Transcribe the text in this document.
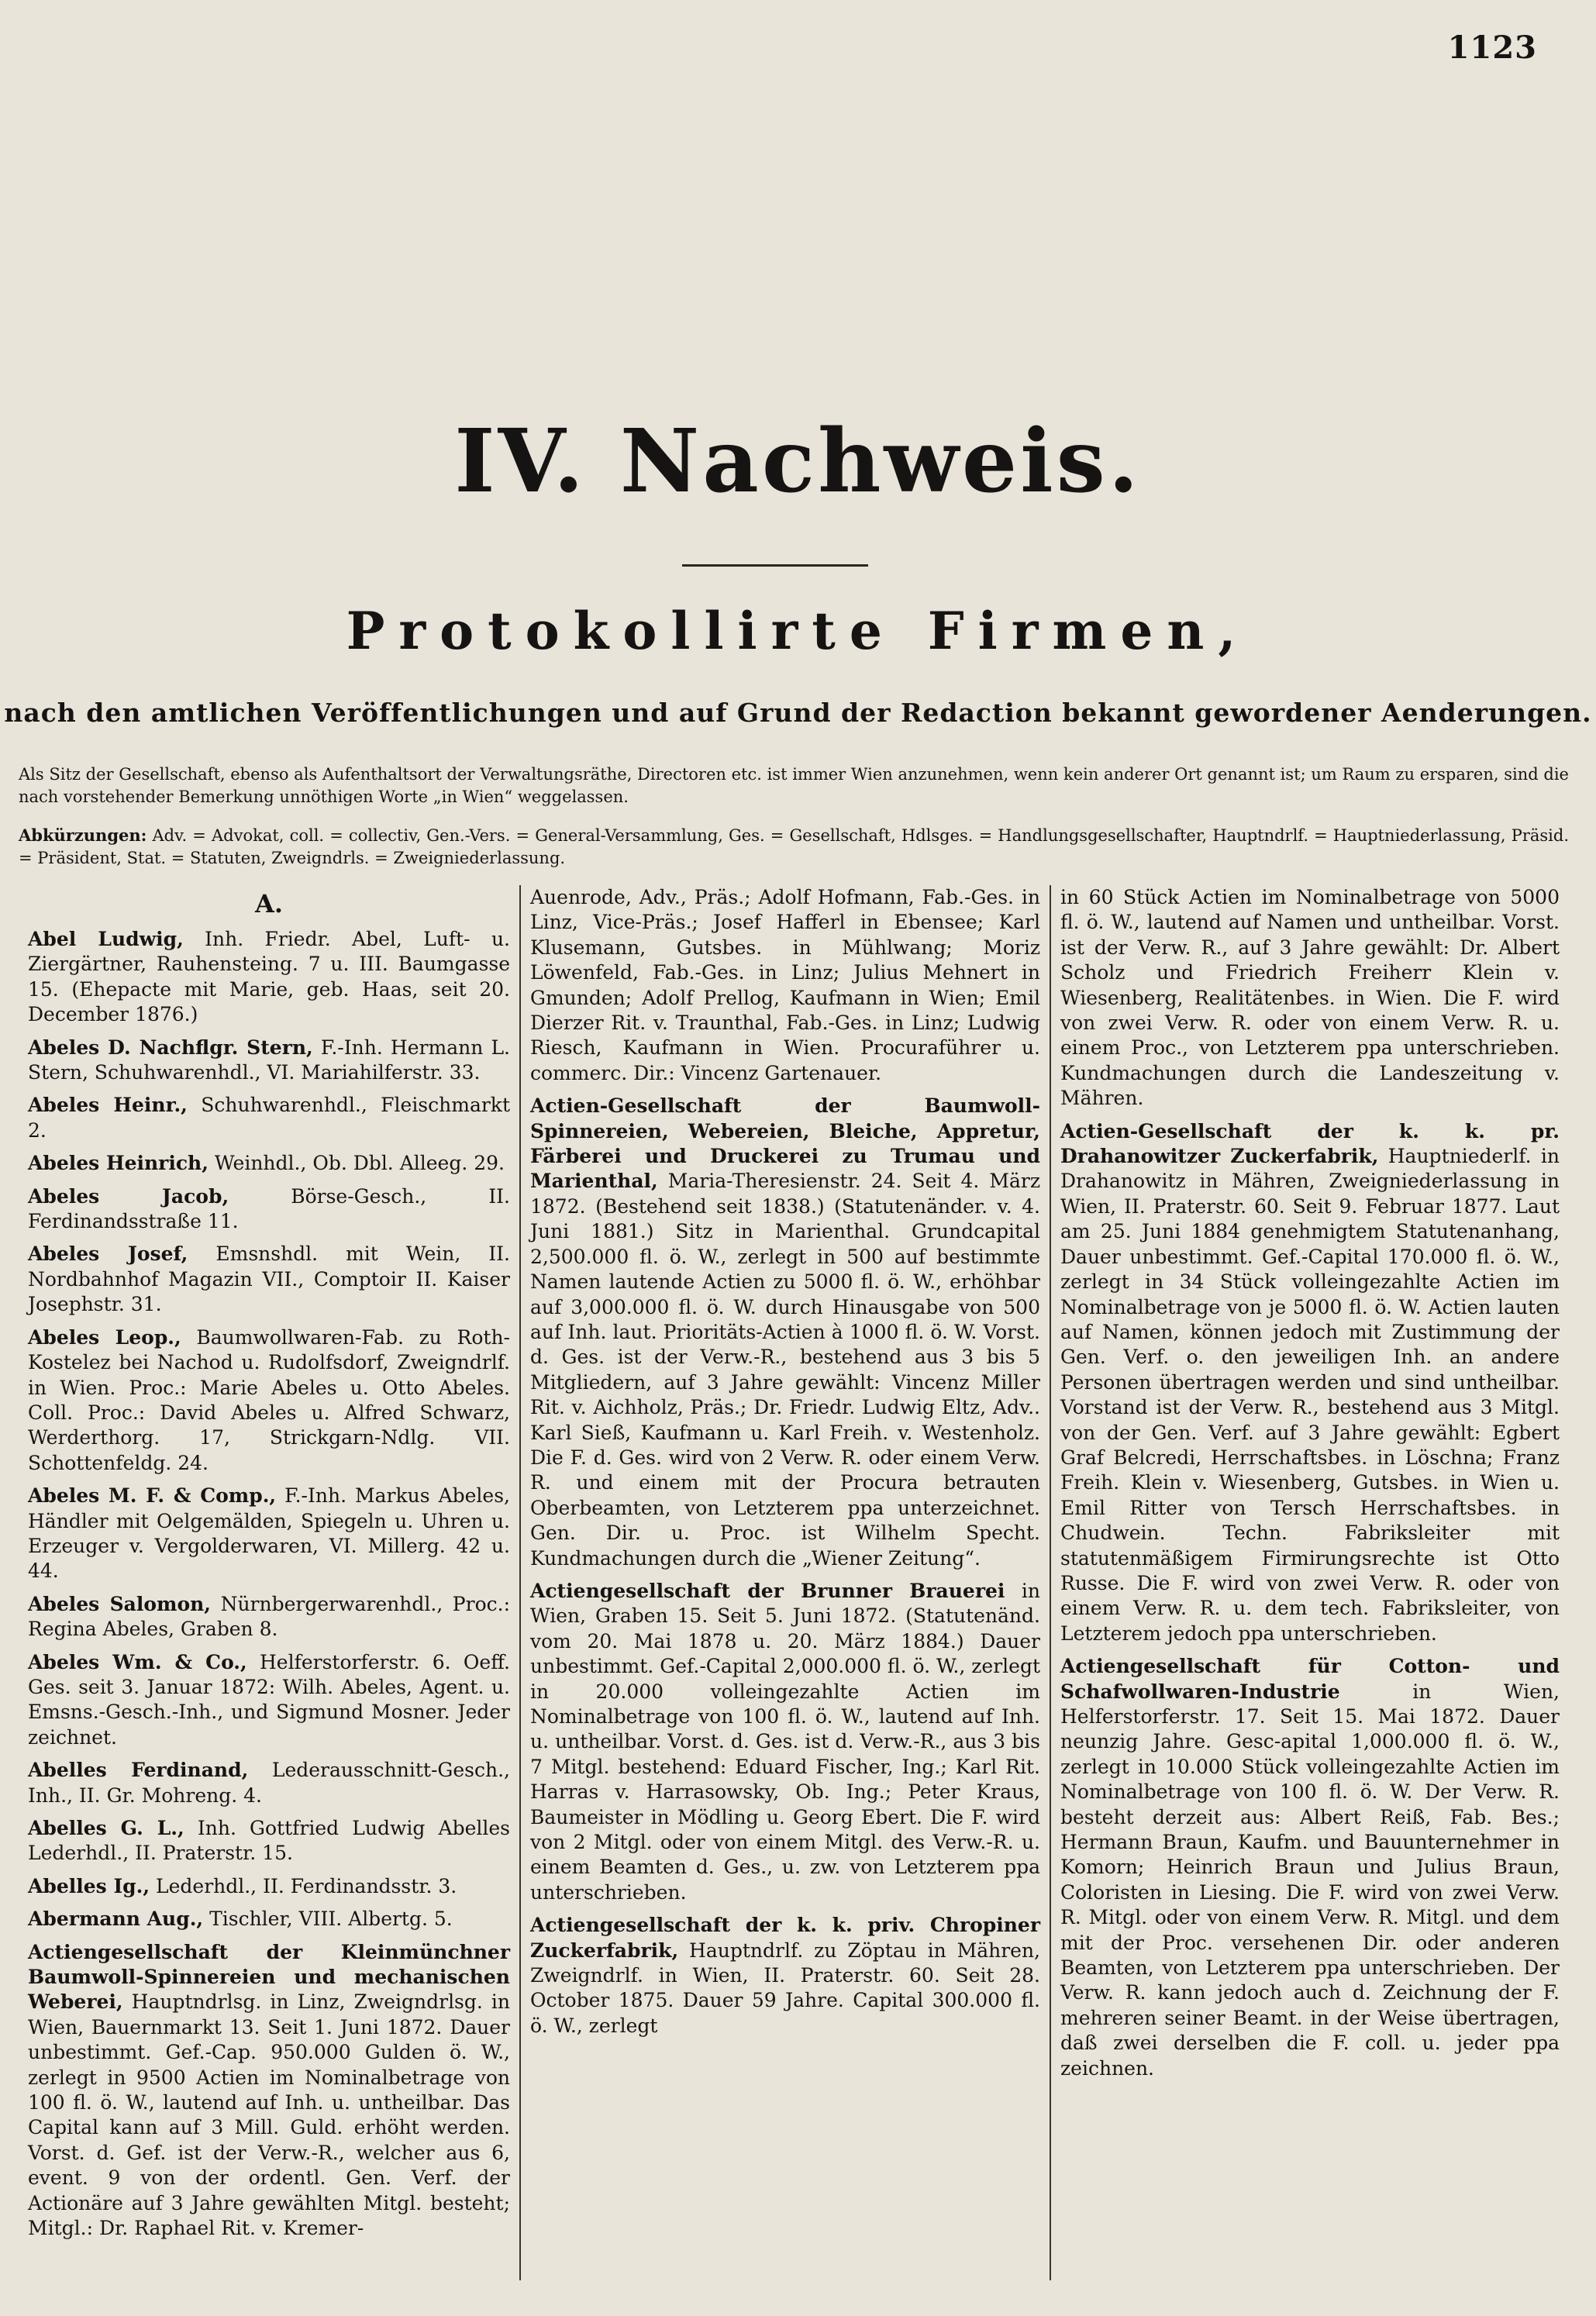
1123
IV. Nachweis.
Protokollirte Firmen,
nach den amtlichen Veröffentlichungen und auf Grund der Redaction bekannt gewordener Aenderungen.
Als Sitz der Gesellschaft, ebenso als Aufenthaltsort der Verwaltungsräthe, Directoren etc. ist immer Wien anzunehmen, wenn kein anderer Ort genannt ist; um Raum zu ersparen, sind die nach vorstehender Bemerkung unnöthigen Worte „in Wien“ weggelassen.
Abkürzungen: Adv. = Advokat, coll. = collectiv, Gen.-Vers. = General-Versammlung, Ges. = Gesellschaft, Hdlsges. = Handlungsgesellschafter, Hauptndrlf. = Hauptniederlassung, Präsid. = Präsident, Stat. = Statuten, Zweigndrls. = Zweigniederlassung.
A.

Abel Ludwig, Inh. Friedr. Abel, Luft- u. Ziergärtner, Rauhensteing. 7 u. III. Baumgasse 15. (Ehepacte mit Marie, geb. Haas, seit 20. December 1876.)

Abeles D. Nachflgr. Stern, F.-Inh. Hermann L. Stern, Schuhwarenhdl., VI. Mariahilferstr. 33.

Abeles Heinr., Schuhwarenhdl., Fleischmarkt 2.

Abeles Heinrich, Weinhdl., Ob. Dbl. Alleeg. 29.

Abeles Jacob, Börse-Gesch., II. Ferdinandsstraße 11.

Abeles Josef, Emsnshdl. mit Wein, II. Nordbahnhof Magazin VII., Comptoir II. Kaiser Josephstr. 31.

Abeles Leop., Baumwollwaren-Fab. zu Roth-Kostelez bei Nachod u. Rudolfsdorf, Zweigndrlf. in Wien. Proc.: Marie Abeles u. Otto Abeles. Coll. Proc.: David Abeles u. Alfred Schwarz, Werderthorg. 17, Strickgarn-Ndlg. VII. Schottenfeldg. 24.

Abeles M. F. & Comp., F.-Inh. Markus Abeles, Händler mit Oelgemälden, Spiegeln u. Uhren u. Erzeuger v. Vergolderwaren, VI. Millerg. 42 u. 44.

Abeles Salomon, Nürnbergerwarenhdl., Proc.: Regina Abeles, Graben 8.

Abeles Wm. & Co., Helferstorferstr. 6. Oeff. Ges. seit 3. Januar 1872: Wilh. Abeles, Agent. u. Emsns.-Gesch.-Inh., und Sigmund Mosner. Jeder zeichnet.

Abelles Ferdinand, Lederausschnitt-Gesch., Inh., II. Gr. Mohreng. 4.

Abelles G. L., Inh. Gottfried Ludwig Abelles Lederhdl., II. Praterstr. 15.

Abelles Ig., Lederhdl., II. Ferdinandsstr. 3.

Abermann Aug., Tischler, VIII. Albertg. 5.

Actiengesellschaft der Kleinmünchner Baumwoll-Spinnereien und mechanischen Weberei, Hauptndrlsg. in Linz, Zweigndrlsg. in Wien, Bauernmarkt 13. Seit 1. Juni 1872. Dauer unbestimmt. Gef.-Cap. 950.000 Gulden ö. W., zerlegt in 9500 Actien im Nominalbetrage von 100 fl. ö. W., lautend auf Inh. u. untheilbar. Das Capital kann auf 3 Mill. Guld. erhöht werden. Vorst. d. Gef. ist der Verw.-R., welcher aus 6, event. 9 von der ordentl. Gen. Verf. der Actionäre auf 3 Jahre gewählten Mitgl. besteht; Mitgl.: Dr. Raphael Rit. v. Kremer-

Auenrode, Adv., Präs.; Adolf Hofmann, Fab.-Ges. in Linz, Vice-Präs.; Josef Hafferl in Ebensee; Karl Klusemann, Gutsbes. in Mühlwang; Moriz Löwenfeld, Fab.-Ges. in Linz; Julius Mehnert in Gmunden; Adolf Prellog, Kaufmann in Wien; Emil Dierzer Rit. v. Traunthal, Fab.-Ges. in Linz; Ludwig Riesch, Kaufmann in Wien. Procuraführer u. commerc. Dir.: Vincenz Gartenauer.

Actien-Gesellschaft der Baumwoll-Spinnereien, Webereien, Bleiche, Appretur, Färberei und Druckerei zu Trumau und Marienthal, Maria-Theresienstr. 24. Seit 4. März 1872. (Bestehend seit 1838.) (Statutenänder. v. 4. Juni 1881.) Sitz in Marienthal. Grundcapital 2,500.000 fl. ö. W., zerlegt in 500 auf bestimmte Namen lautende Actien zu 5000 fl. ö. W., erhöhbar auf 3,000.000 fl. ö. W. durch Hinausgabe von 500 auf Inh. laut. Prioritäts-Actien à 1000 fl. ö. W. Vorst. d. Ges. ist der Verw.-R., bestehend aus 3 bis 5 Mitgliedern, auf 3 Jahre gewählt: Vincenz Miller Rit. v. Aichholz, Präs.; Dr. Friedr. Ludwig Eltz, Adv.. Karl Sieß, Kaufmann u. Karl Freih. v. Westenholz. Die F. d. Ges. wird von 2 Verw. R. oder einem Verw. R. und einem mit der Procura betrauten Oberbeamten, von Letzterem ppa unterzeichnet. Gen. Dir. u. Proc. ist Wilhelm Specht. Kundmachungen durch die „Wiener Zeitung“.

Actiengesellschaft der Brunner Brauerei in Wien, Graben 15. Seit 5. Juni 1872. (Statutenänd. vom 20. Mai 1878 u. 20. März 1884.) Dauer unbestimmt. Gef.-Capital 2,000.000 fl. ö. W., zerlegt in 20.000 volleingezahlte Actien im Nominalbetrage von 100 fl. ö. W., lautend auf Inh. u. untheilbar. Vorst. d. Ges. ist d. Verw.-R., aus 3 bis 7 Mitgl. bestehend: Eduard Fischer, Ing.; Karl Rit. Harras v. Harrasowsky, Ob. Ing.; Peter Kraus, Baumeister in Mödling u. Georg Ebert. Die F. wird von 2 Mitgl. oder von einem Mitgl. des Verw.-R. u. einem Beamten d. Ges., u. zw. von Letzterem ppa unterschrieben.

Actiengesellschaft der k. k. priv. Chropiner Zuckerfabrik, Hauptndrlf. zu Zöptau in Mähren, Zweigndrlf. in Wien, II. Praterstr. 60. Seit 28. October 1875. Dauer 59 Jahre. Capital 300.000 fl. ö. W., zerlegt

in 60 Stück Actien im Nominalbetrage von 5000 fl. ö. W., lautend auf Namen und untheilbar. Vorst. ist der Verw. R., auf 3 Jahre gewählt: Dr. Albert Scholz und Friedrich Freiherr Klein v. Wiesenberg, Realitätenbes. in Wien. Die F. wird von zwei Verw. R. oder von einem Verw. R. u. einem Proc., von Letzterem ppa unterschrieben. Kundmachungen durch die Landeszeitung v. Mähren.

Actien-Gesellschaft der k. k. pr. Drahanowitzer Zuckerfabrik, Hauptniederlf. in Drahanowitz in Mähren, Zweigniederlassung in Wien, II. Praterstr. 60. Seit 9. Februar 1877. Laut am 25. Juni 1884 genehmigtem Statutenanhang, Dauer unbestimmt. Gef.-Capital 170.000 fl. ö. W., zerlegt in 34 Stück volleingezahlte Actien im Nominalbetrage von je 5000 fl. ö. W. Actien lauten auf Namen, können jedoch mit Zustimmung der Gen. Verf. o. den jeweiligen Inh. an andere Personen übertragen werden und sind untheilbar. Vorstand ist der Verw. R., bestehend aus 3 Mitgl. von der Gen. Verf. auf 3 Jahre gewählt: Egbert Graf Belcredi, Herrschaftsbes. in Löschna; Franz Freih. Klein v. Wiesenberg, Gutsbes. in Wien u. Emil Ritter von Tersch Herrschaftsbes. in Chudwein. Techn. Fabriksleiter mit statutenmäßigem Firmirungsrechte ist Otto Russe. Die F. wird von zwei Verw. R. oder von einem Verw. R. u. dem tech. Fabriksleiter, von Letzterem jedoch ppa unterschrieben.

Actiengesellschaft für Cotton- und Schafwollwaren-Industrie in Wien, Helferstorferstr. 17. Seit 15. Mai 1872. Dauer neunzig Jahre. Gesc-apital 1,000.000 fl. ö. W., zerlegt in 10.000 Stück volleingezahlte Actien im Nominalbetrage von 100 fl. ö. W. Der Verw. R. besteht derzeit aus: Albert Reiß, Fab. Bes.; Hermann Braun, Kaufm. und Bauunternehmer in Komorn; Heinrich Braun und Julius Braun, Coloristen in Liesing. Die F. wird von zwei Verw. R. Mitgl. oder von einem Verw. R. Mitgl. und dem mit der Proc. versehenen Dir. oder anderen Beamten, von Letzterem ppa unterschrieben. Der Verw. R. kann jedoch auch d. Zeichnung der F. mehreren seiner Beamt. in der Weise übertragen, daß zwei derselben die F. coll. u. jeder ppa zeichnen.
